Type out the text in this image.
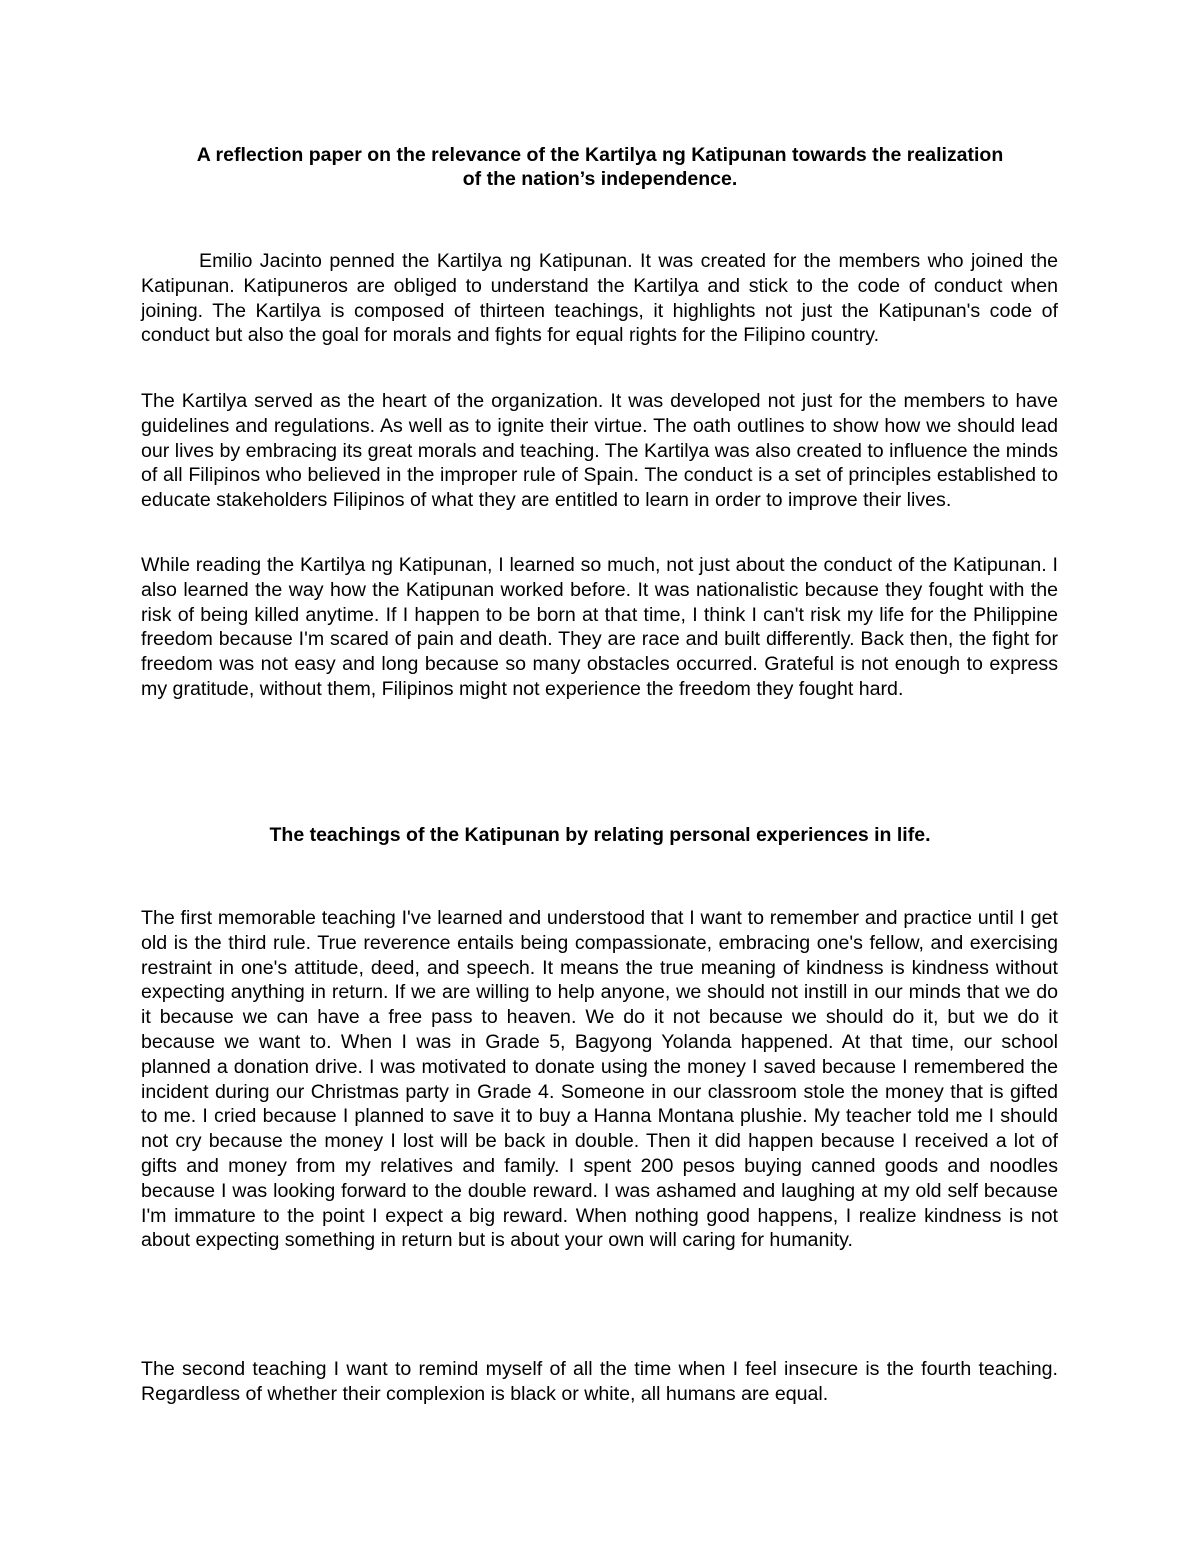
A reflection paper on the relevance of the Kartilya ng Katipunan towards the realization
of the nation’s independence.

Emilio Jacinto penned the Kartilya ng Katipunan. It was created for the members who joined the Katipunan. Katipuneros are obliged to understand the Kartilya and stick to the code of conduct when joining. The Kartilya is composed of thirteen teachings, it highlights not just the Katipunan's code of conduct but also the goal for morals and fights for equal rights for the Filipino country.

The Kartilya served as the heart of the organization. It was developed not just for the members to have guidelines and regulations. As well as to ignite their virtue. The oath outlines to show how we should lead our lives by embracing its great morals and teaching. The Kartilya was also created to influence the minds of all Filipinos who believed in the improper rule of Spain. The conduct is a set of principles established to educate stakeholders Filipinos of what they are entitled to learn in order to improve their lives.

While reading the Kartilya ng Katipunan, I learned so much, not just about the conduct of the Katipunan. I also learned the way how the Katipunan worked before. It was nationalistic because they fought with the risk of being killed anytime. If I happen to be born at that time, I think I can't risk my life for the Philippine freedom because I'm scared of pain and death. They are race and built differently. Back then, the fight for freedom was not easy and long because so many obstacles occurred. Grateful is not enough to express my gratitude, without them, Filipinos might not experience the freedom they fought hard.

The teachings of the Katipunan by relating personal experiences in life.

The first memorable teaching I've learned and understood that I want to remember and practice until I get old is the third rule. True reverence entails being compassionate, embracing one's fellow, and exercising restraint in one's attitude, deed, and speech. It means the true meaning of kindness is kindness without expecting anything in return. If we are willing to help anyone, we should not instill in our minds that we do it because we can have a free pass to heaven. We do it not because we should do it, but we do it because we want to. When I was in Grade 5, Bagyong Yolanda happened. At that time, our school planned a donation drive. I was motivated to donate using the money I saved because I remembered the incident during our Christmas party in Grade 4. Someone in our classroom stole the money that is gifted to me. I cried because I planned to save it to buy a Hanna Montana plushie. My teacher told me I should not cry because the money I lost will be back in double. Then it did happen because I received a lot of gifts and money from my relatives and family. I spent 200 pesos buying canned goods and noodles because I was looking forward to the double reward. I was ashamed and laughing at my old self because I'm immature to the point I expect a big reward. When nothing good happens, I realize kindness is not about expecting something in return but is about your own will caring for humanity.

The second teaching I want to remind myself of all the time when I feel insecure is the fourth teaching. Regardless of whether their complexion is black or white, all humans are equal.
